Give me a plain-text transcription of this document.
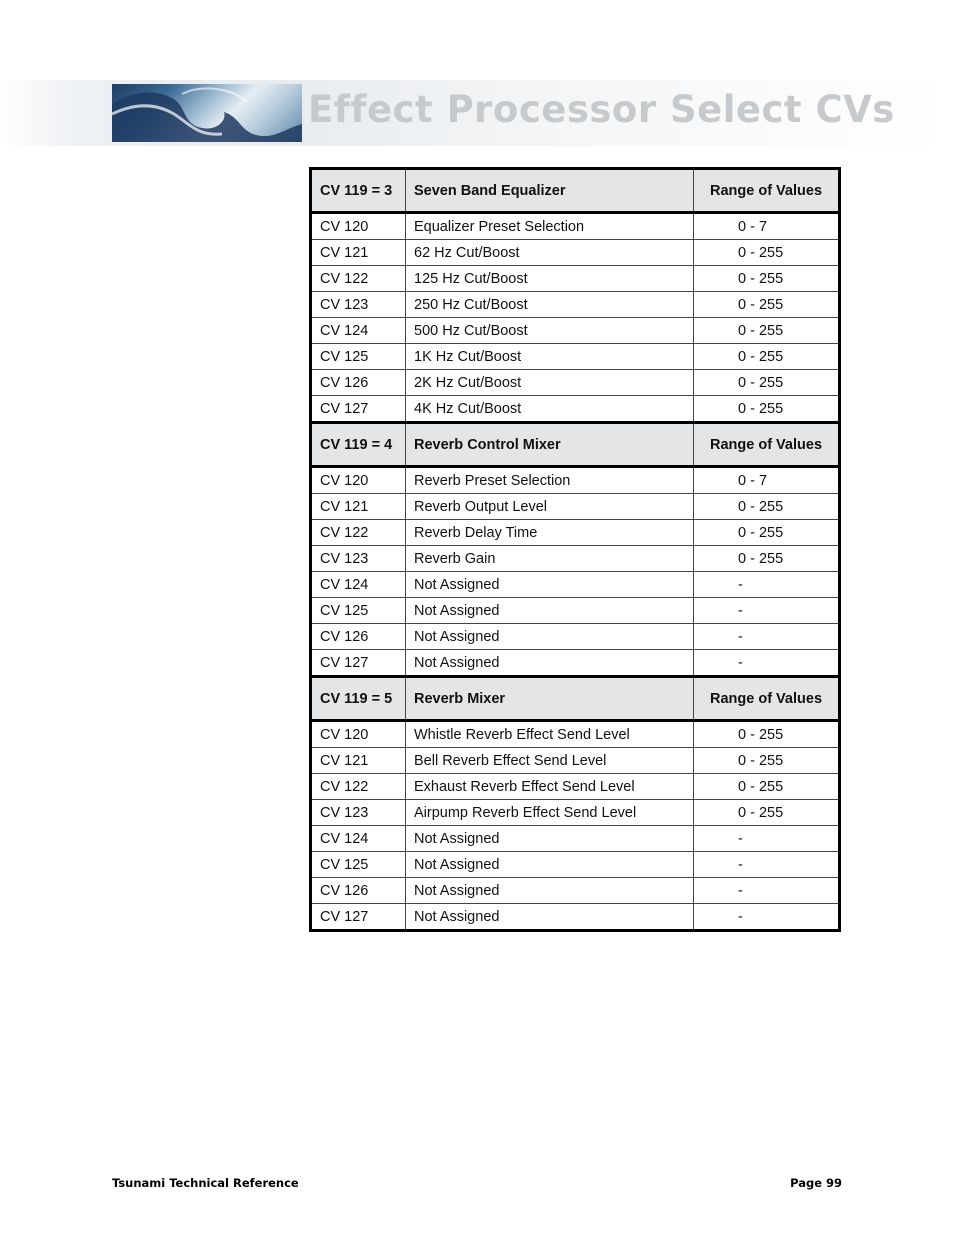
Effect Processor Select CVs
CV 119 = 3	Seven Band Equalizer	Range of Values
CV 120	Equalizer Preset Selection	0 - 7
CV 121	62 Hz Cut/Boost	0 - 255
CV 122	125 Hz Cut/Boost	0 - 255
CV 123	250 Hz Cut/Boost	0 - 255
CV 124	500 Hz Cut/Boost	0 - 255
CV 125	1K Hz Cut/Boost	0 - 255
CV 126	2K Hz Cut/Boost	0 - 255
CV 127	4K Hz Cut/Boost	0 - 255
CV 119 = 4	Reverb Control Mixer	Range of Values
CV 120	Reverb Preset Selection	0 - 7
CV 121	Reverb Output Level	0 - 255
CV 122	Reverb Delay Time	0 - 255
CV 123	Reverb Gain	0 - 255
CV 124	Not Assigned	-
CV 125	Not Assigned	-
CV 126	Not Assigned	-
CV 127	Not Assigned	-
CV 119 = 5	Reverb Mixer	Range of Values
CV 120	Whistle Reverb Effect Send Level	0 - 255
CV 121	Bell Reverb Effect Send Level	0 - 255
CV 122	Exhaust Reverb Effect Send Level	0 - 255
CV 123	Airpump Reverb Effect Send Level	0 - 255
CV 124	Not Assigned	-
CV 125	Not Assigned	-
CV 126	Not Assigned	-
CV 127	Not Assigned	-
Tsunami Technical Reference	Page 99
